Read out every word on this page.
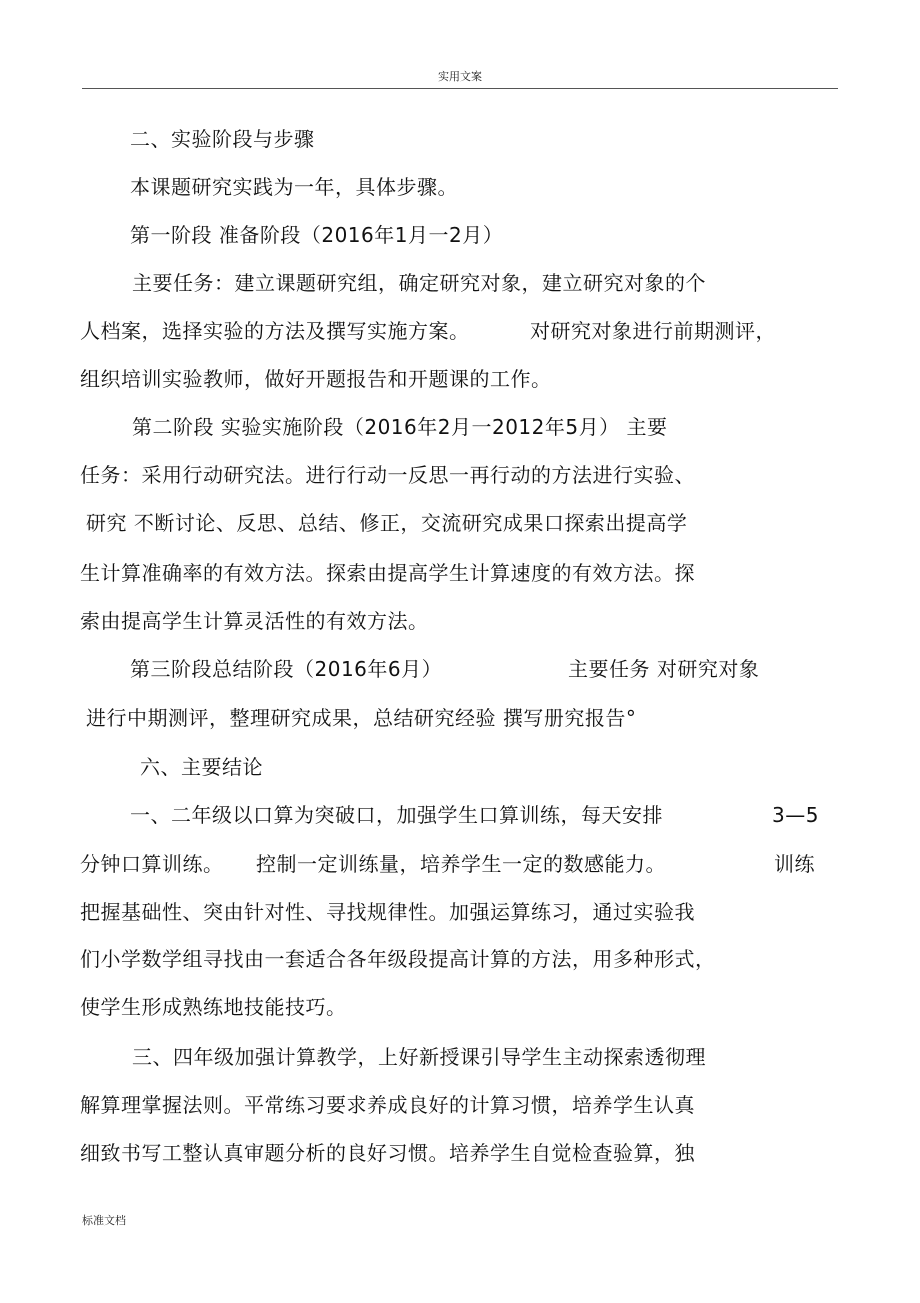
实用文案
二、实验阶段与步骤
本课题研究实践为一年，具体步骤。
第一阶段 准备阶段（2016年1月一2月）
主要任务：建立课题研究组，确定研究对象，建立研究对象的个
人档案，选择实验的方法及撰写实施方案。	对研究对象进行前期测评，
组织培训实验教师，做好开题报告和开题课的工作。
第二阶段 实验实施阶段（2016年2月一2012年5月） 主要
任务：采用行动研究法。进行行动一反思一再行动的方法进行实验、
研究 不断讨论、反思、总结、修正，交流研究成果口探索出提高学
生计算准确率的有效方法。探索由提高学生计算速度的有效方法。探
索由提高学生计算灵活性的有效方法。
第三阶段总结阶段（2016年6月）	主要任务 对研究对象
进行中期测评，整理研究成果，总结研究经验 撰写册究报告°
六、主要结论
一、二年级以口算为突破口，加强学生口算训练，每天安排	3—5
分钟口算训练。 控制一定训练量，培养学生一定的数感能力。	训练
把握基础性、突由针对性、寻找规律性。加强运算练习，通过实验我
们小学数学组寻找由一套适合各年级段提高计算的方法，用多种形式，
使学生形成熟练地技能技巧。
三、四年级加强计算教学，上好新授课引导学生主动探索透彻理
解算理掌握法则。平常练习要求养成良好的计算习惯，培养学生认真
细致书写工整认真审题分析的良好习惯。培养学生自觉检查验算，独
标准文档
